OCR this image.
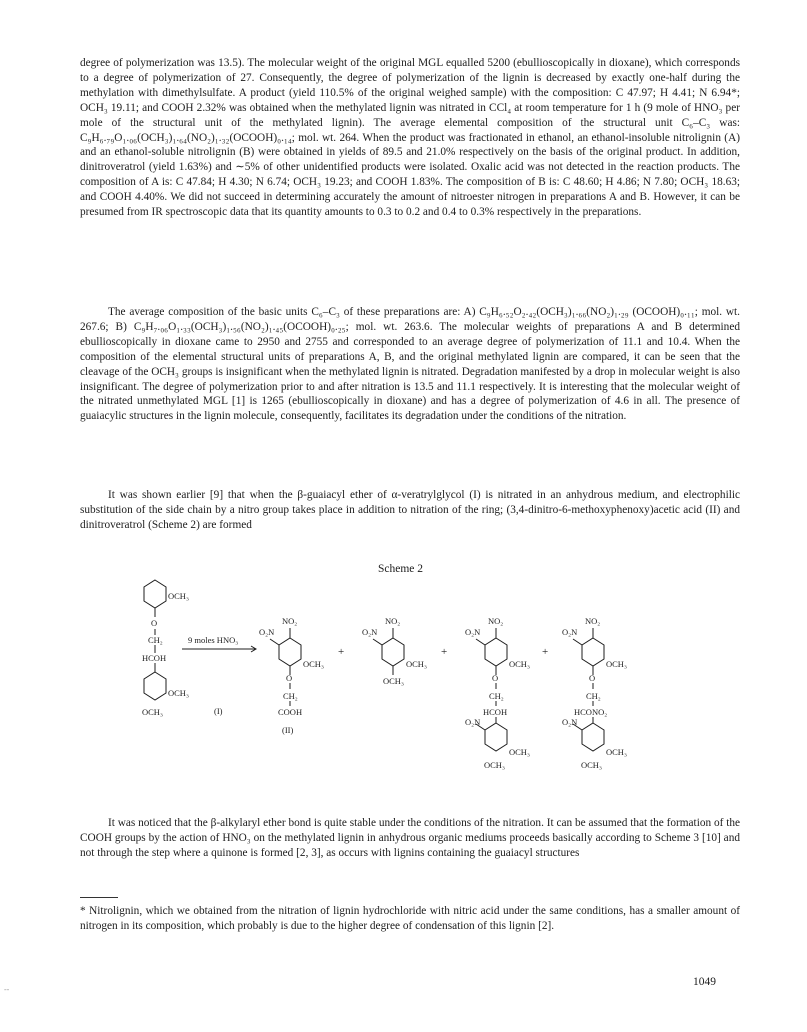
degree of polymerization was 13.5). The molecular weight of the original MGL equalled 5200 (ebullioscopically in dioxane), which corresponds to a degree of polymerization of 27. Consequently, the degree of polymerization of the lignin is decreased by exactly one-half during the methylation with dimethylsulfate. A product (yield 110.5% of the original weighed sample) with the composition: C 47.97; H 4.41; N 6.94*; OCH₃ 19.11; and COOH 2.32% was obtained when the methylated lignin was nitrated in CCl₄ at room temperature for 1 h (9 mole of HNO₃ per mole of the structural unit of the methylated lignin). The average elemental composition of the structural unit C₆–C₃ was: C₉H₆.₇₉O₁.₀₆(OCH₃)₁.₆₄(NO₂)₁.₃₂(O⁠C⁠OOH)₀.₁₄; mol. wt. 264. When the product was fractionated in ethanol, an ethanol-insoluble nitrolignin (A) and an ethanol-soluble nitrolignin (B) were obtained in yields of 89.5 and 21.0% respectively on the basis of the original product. In addition, dinitroveratrol (yield 1.63%) and ∼5% of other unidentified products were isolated. Oxalic acid was not detected in the reaction products. The composition of A is: C 47.84; H 4.30; N 6.74; OCH₃ 19.23; and COOH 1.83%. The composition of B is: C 48.60; H 4.86; N 7.80; OCH₃ 18.63; and COOH 4.40%. We did not succeed in determining accurately the amount of nitroester nitrogen in preparations A and B. However, it can be presumed from IR spectroscopic data that its quantity amounts to 0.3 to 0.2 and 0.4 to 0.3% respectively in the preparations.

The average composition of the basic units C₆–C₃ of these preparations are: A) C₉H₆.₅₂O₂.₄₂(OCH₃)₁.₆₆(NO₂)₁.₂₉ (O⁠C⁠OOH)₀.₁₁; mol. wt. 267.6; B) C₉H₇.₀₆O₁.₃₃(OCH₃)₁.₅₆(NO₂)₁.₄₅(O⁠C⁠OOH)₀.₂₅; mol. wt. 263.6. The molecular weights of preparations A and B determined ebullioscopically in dioxane came to 2950 and 2755 and corresponded to an average degree of polymerization of 11.1 and 10.4. When the composition of the elemental structural units of preparations A, B, and the original methylated lignin are compared, it can be seen that the cleavage of the OCH₃ groups is insignificant when the methylated lignin is nitrated. Degradation manifested by a drop in molecular weight is also insignificant. The degree of polymerization prior to and after nitration is 13.5 and 11.1 respectively. It is interesting that the molecular weight of the nitrated unmethylated MGL [1] is 1265 (ebullioscopically in dioxane) and has a degree of polymerization of 4.6 in all. The presence of guaiacylic structures in the lignin molecule, consequently, facilitates its degradation under the conditions of the nitration.

It was shown earlier [9] that when the β-guaiacyl ether of α-veratrylglycol (I) is nitrated in an anhydrous medium, and electrophilic substitution of the side chain by a nitro group takes place in addition to nitration of the ring; (3,4-dinitro-6-methoxyphenoxy)acetic acid (II) and dinitroveratrol (Scheme 2) are formed

Scheme 2

OCH₃
O
CH₂
HCOH
OCH₃
OCH₃	(I)
9 moles HNO₃
NO₂
O₂N
OCH₃
O
CH₂
COOH
(II)
+	+	+
NO₂
O₂N
OCH₃
OCH₃
NO₂
O₂N
OCH₃
O
CH₂
HCOH
O₂N
OCH₃
OCH₃
NO₂
O₂N
OCH₃
O
CH₂
HCONO₂
O₂N
OCH₃
OCH₃

It was noticed that the β-alkylaryl ether bond is quite stable under the conditions of the nitration. It can be assumed that the formation of the COOH groups by the action of HNO₃ on the methylated lignin in anhydrous organic mediums proceeds basically according to Scheme 3 [10] and not through the step where a quinone is formed [2, 3], as occurs with lignins containing the guaiacyl structures

* Nitrolignin, which we obtained from the nitration of lignin hydrochloride with nitric acid under the same conditions, has a smaller amount of nitrogen in its composition, which probably is due to the higher degree of condensation of this lignin [2].

1049
--
